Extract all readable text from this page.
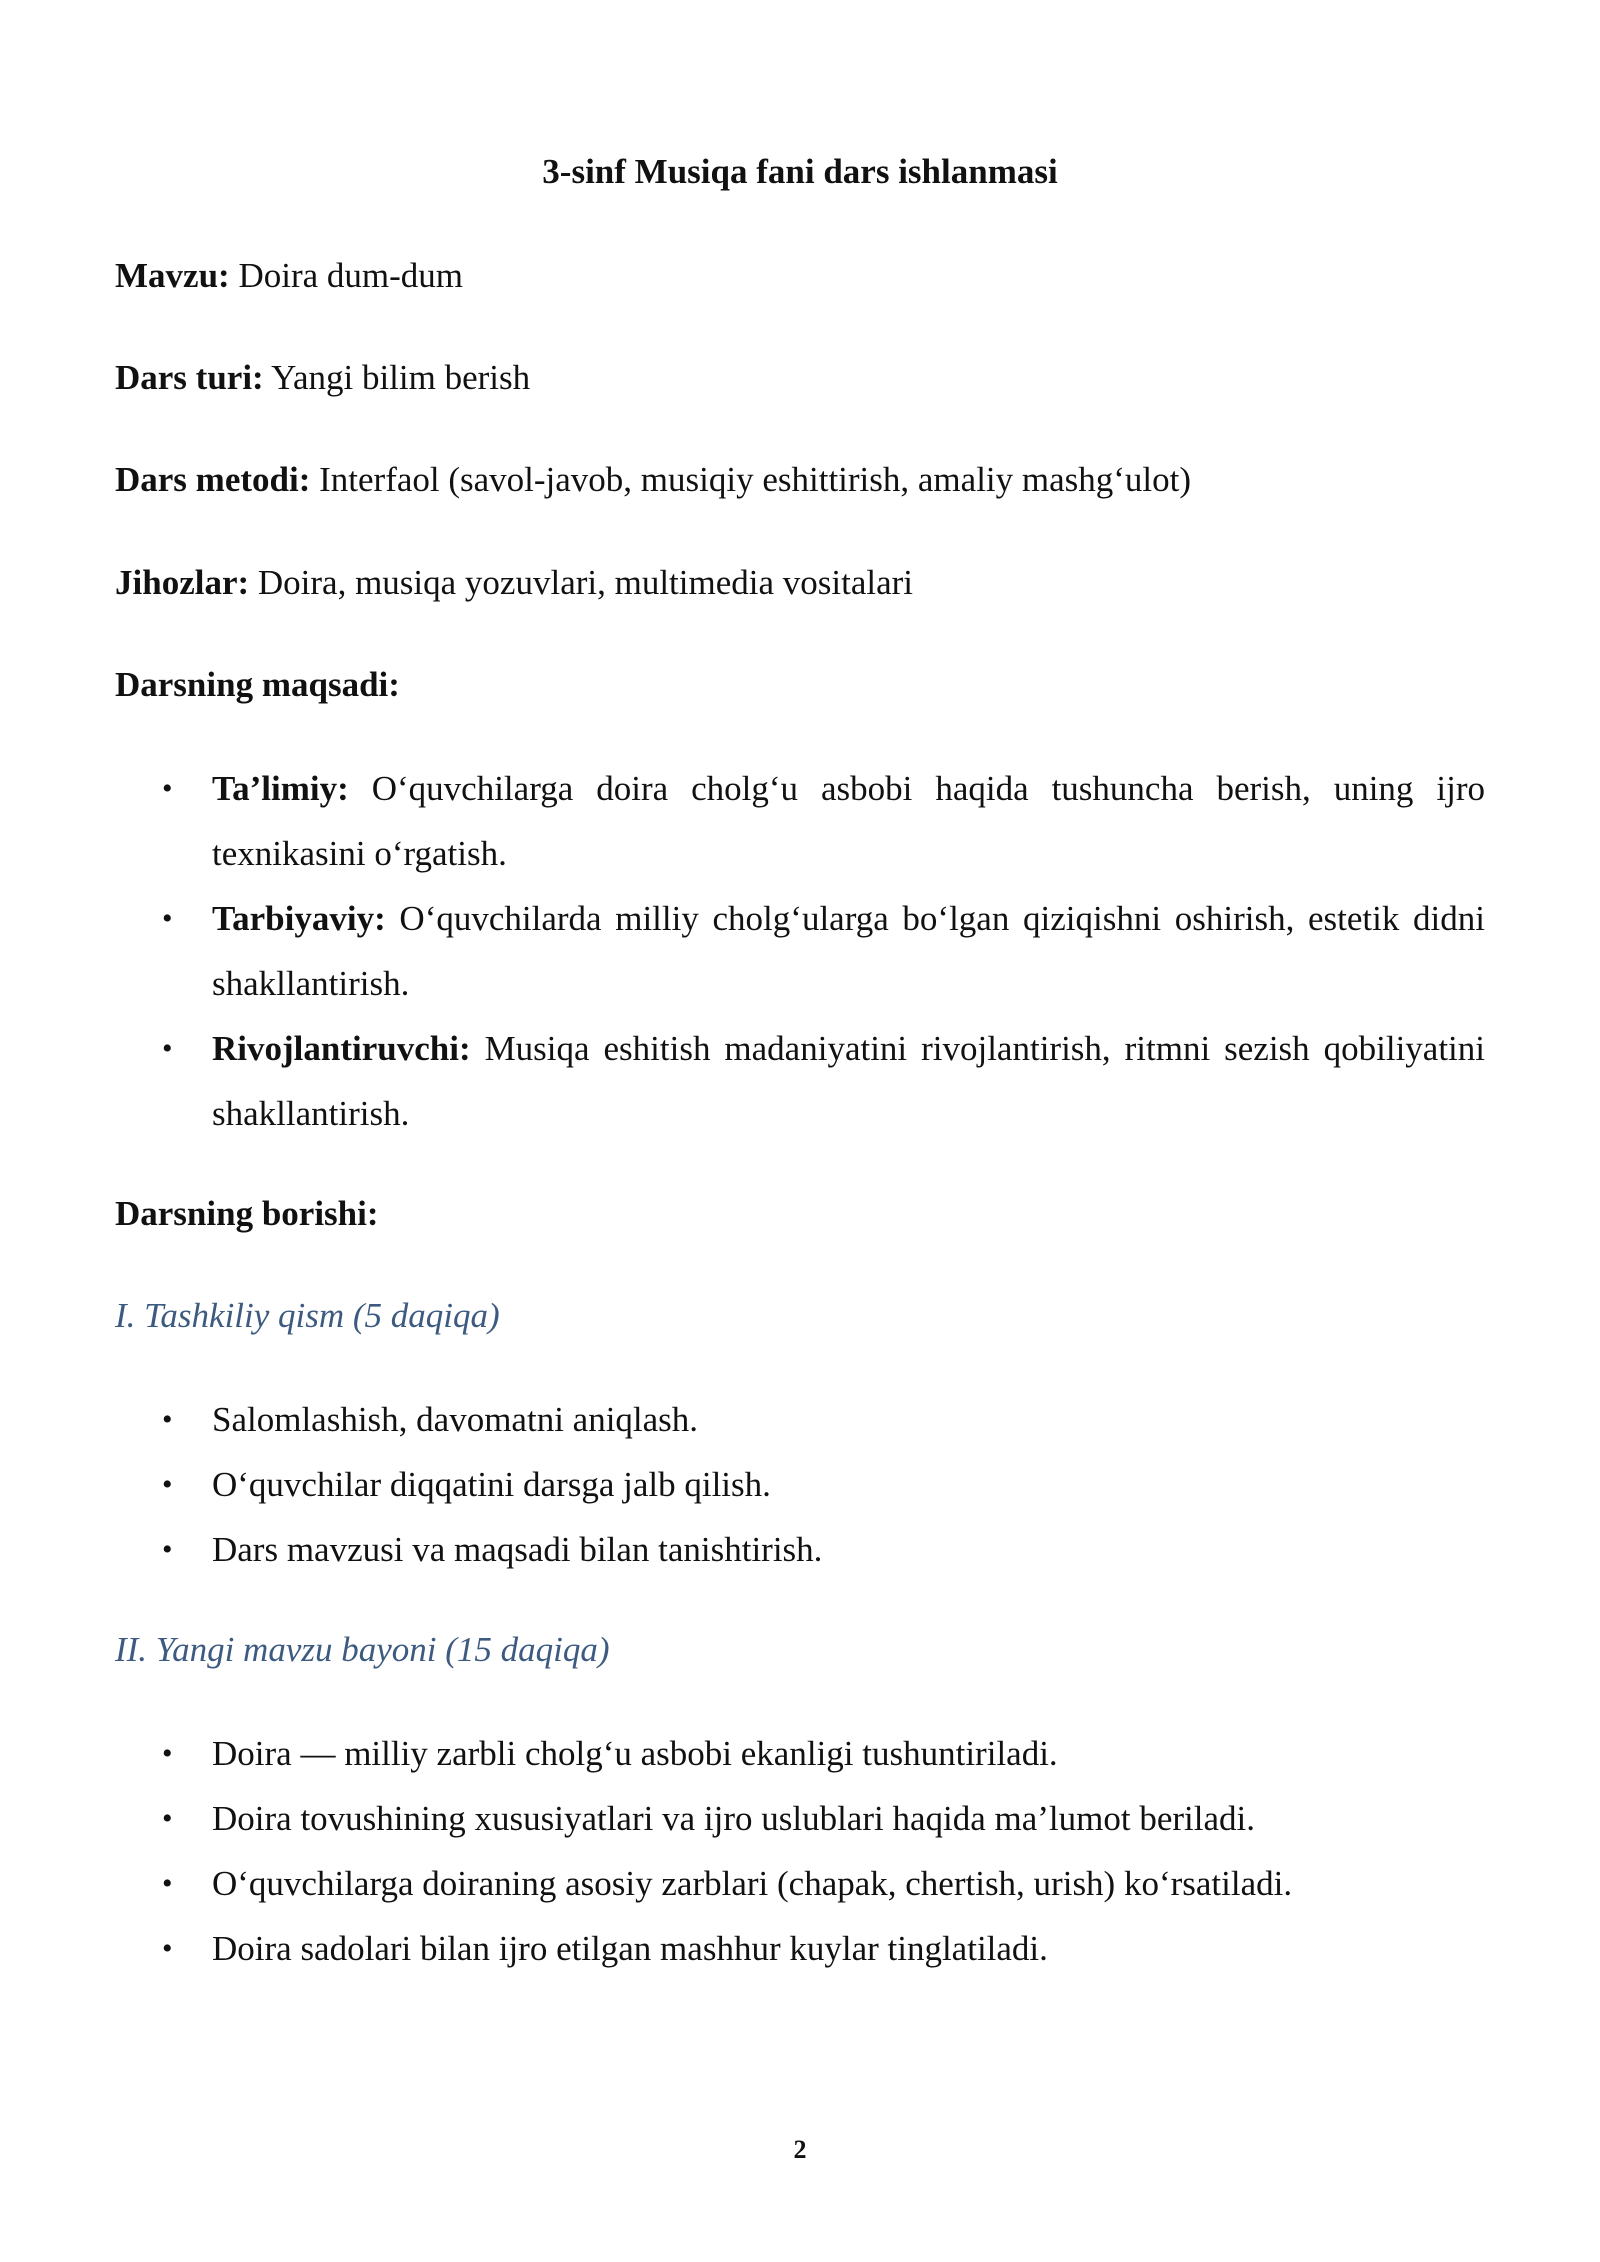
3-sinf Musiqa fani dars ishlanmasi
Mavzu: Doira dum-dum
Dars turi: Yangi bilim berish
Dars metodi: Interfaol (savol-javob, musiqiy eshittirish, amaliy mashg‘ulot)
Jihozlar: Doira, musiqa yozuvlari, multimedia vositalari
Darsning maqsadi:
• Ta’limiy: O‘quvchilarga doira cholg‘u asbobi haqida tushuncha berish, uning ijro texnikasini o‘rgatish.
• Tarbiyaviy: O‘quvchilarda milliy cholg‘ularga bo‘lgan qiziqishni oshirish, estetik didni shakllantirish.
• Rivojlantiruvchi: Musiqa eshitish madaniyatini rivojlantirish, ritmni sezish qobiliyatini shakllantirish.
Darsning borishi:
I. Tashkiliy qism (5 daqiqa)
• Salomlashish, davomatni aniqlash.
• O‘quvchilar diqqatini darsga jalb qilish.
• Dars mavzusi va maqsadi bilan tanishtirish.
II. Yangi mavzu bayoni (15 daqiqa)
• Doira — milliy zarbli cholg‘u asbobi ekanligi tushuntiriladi.
• Doira tovushining xususiyatlari va ijro uslublari haqida ma’lumot beriladi.
• O‘quvchilarga doiraning asosiy zarblari (chapak, chertish, urish) ko‘rsatiladi.
• Doira sadolari bilan ijro etilgan mashhur kuylar tinglatiladi.
2
